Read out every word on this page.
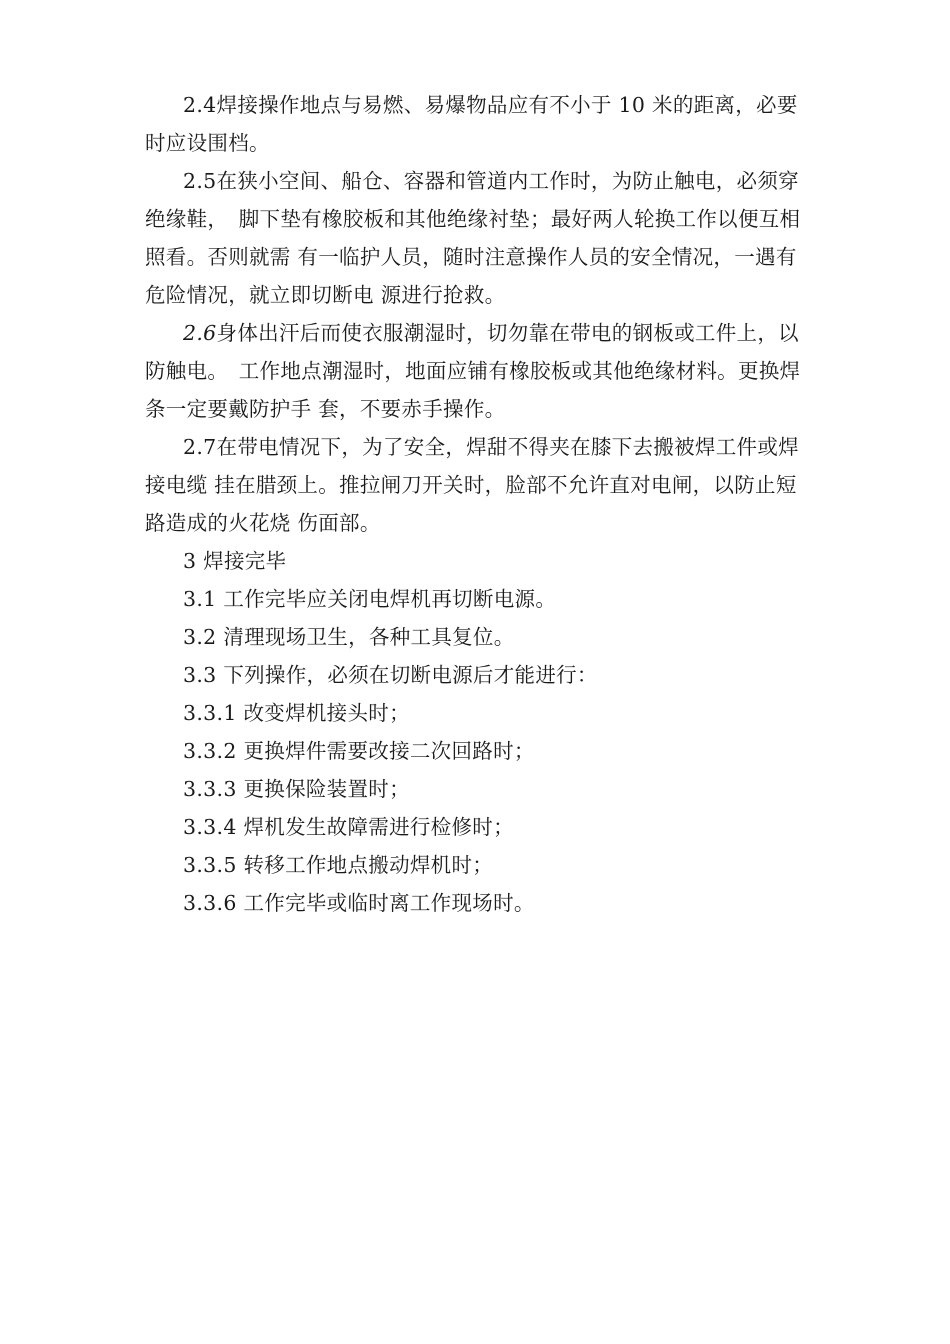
2.4焊接操作地点与易燃、易爆物品应有不小于 10 米的距离，必要时应设围档。

2.5在狭小空间、船仓、容器和管道内工作时，为防止触电，必须穿绝缘鞋，　脚下垫有橡胶板和其他绝缘衬垫；最好两人轮换工作以便互相照看。否则就需 有一临护人员，随时注意操作人员的安全情况，一遇有危险情况，就立即切断电 源进行抢救。

2.6身体出汗后而使衣服潮湿时，切勿靠在带电的钢板或工件上，以防触电。　工作地点潮湿时，地面应铺有橡胶板或其他绝缘材料。更换焊条一定要戴防护手 套，不要赤手操作。

2.7在带电情况下，为了安全，焊甜不得夹在膝下去搬被焊工件或焊接电缆 挂在腊颈上。推拉闸刀开关时，脸部不允许直对电闸，以防止短路造成的火花烧 伤面部。

3 焊接完毕

3.1 工作完毕应关闭电焊机再切断电源。

3.2 清理现场卫生，各种工具复位。

3.3 下列操作，必须在切断电源后才能进行：

3.3.1 改变焊机接头时；

3.3.2 更换焊件需要改接二次回路时；

3.3.3 更换保险装置时；

3.3.4 焊机发生故障需进行检修时；

3.3.5 转移工作地点搬动焊机时；

3.3.6 工作完毕或临时离工作现场时。
